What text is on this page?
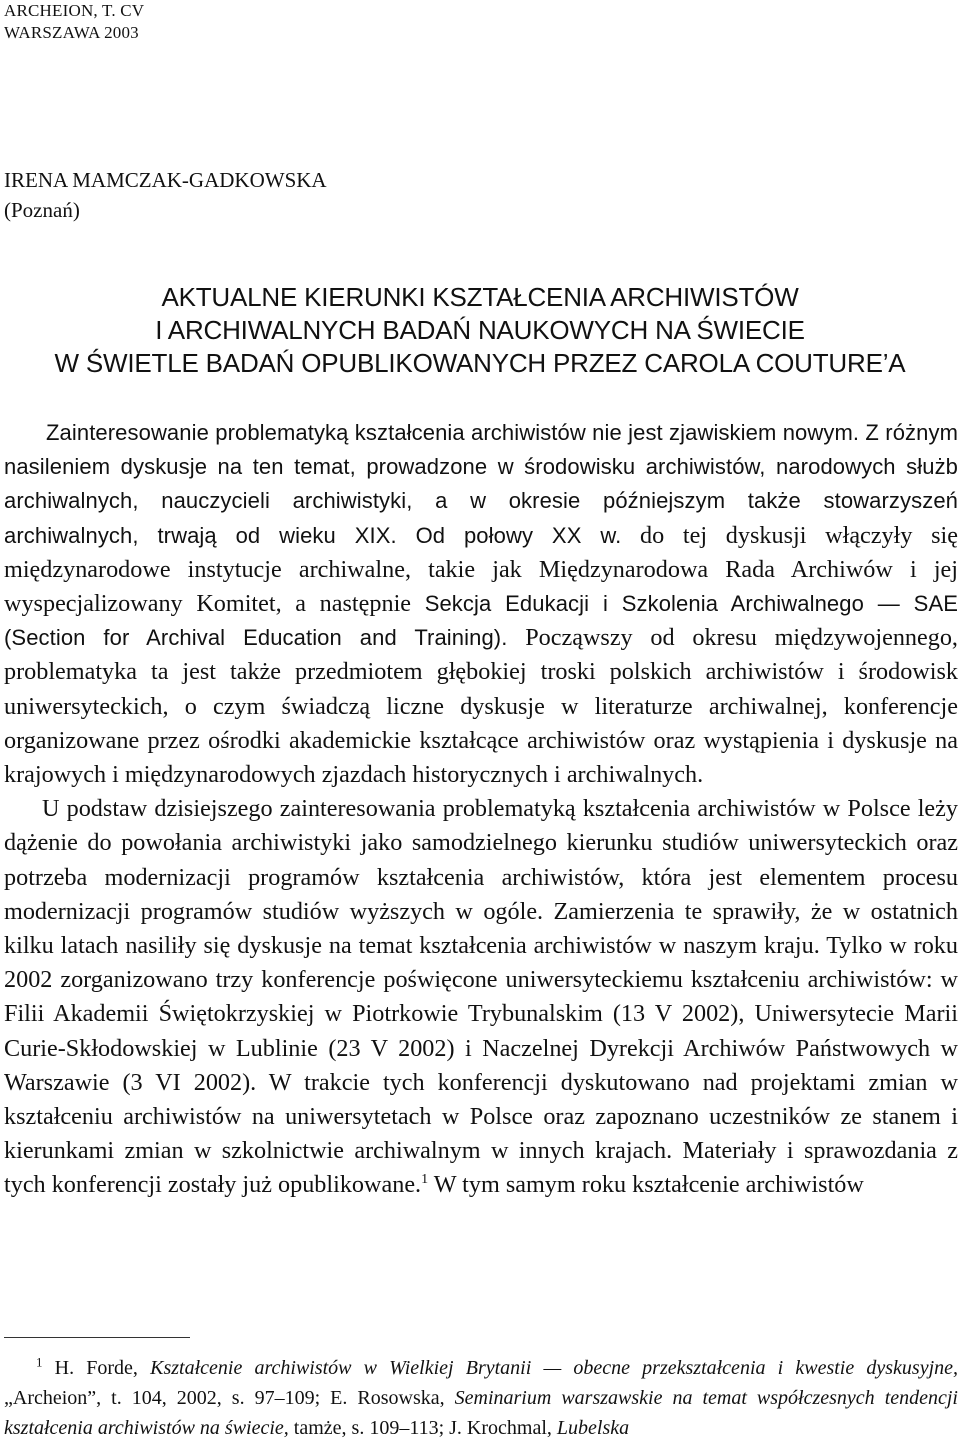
ARCHEION, T. CV
WARSZAWA 2003
IRENA MAMCZAK-GADKOWSKA
(Poznań)
AKTUALNE KIERUNKI KSZTAŁCENIA ARCHIWISTÓW
I ARCHIWALNYCH BADAŃ NAUKOWYCH NA ŚWIECIE
W ŚWIETLE BADAŃ OPUBLIKOWANYCH PRZEZ CAROLA COUTURE’A

Zainteresowanie problematyką kształcenia archiwistów nie jest zjawiskiem nowym. Z różnym nasileniem dyskusje na ten temat, prowadzone w środowisku archiwistów, narodowych służb archiwalnych, nauczycieli archiwistyki, a w okresie późniejszym także stowarzyszeń archiwalnych, trwają od wieku XIX. Od połowy XX w. do tej dyskusji włączyły się międzynarodowe instytucje archiwalne, takie jak Międzynarodowa Rada Archiwów i jej wyspecjalizowany Komitet, a następnie Sekcja Edukacji i Szkolenia Archiwalnego — SAE (Section for Archival Education and Training). Począwszy od okresu międzywojennego, problematyka ta jest także przedmiotem głębokiej troski polskich archiwistów i środowisk uniwersyteckich, o czym świadczą liczne dyskusje w literaturze archiwalnej, konferencje organizowane przez ośrodki akademickie kształcące archiwistów oraz wystąpienia i dyskusje na krajowych i międzynarodowych zjazdach historycznych i archiwalnych.

U podstaw dzisiejszego zainteresowania problematyką kształcenia archiwistów w Polsce leży dążenie do powołania archiwistyki jako samodzielnego kierunku studiów uniwersyteckich oraz potrzeba modernizacji programów kształcenia archiwistów, która jest elementem procesu modernizacji programów studiów wyższych w ogóle. Zamierzenia te sprawiły, że w ostatnich kilku latach nasiliły się dyskusje na temat kształcenia archiwistów w naszym kraju. Tylko w roku 2002 zorganizowano trzy konferencje poświęcone uniwersyteckiemu kształceniu archiwistów: w Filii Akademii Świętokrzyskiej w Piotrkowie Trybunalskim (13 V 2002), Uniwersytecie Marii Curie-Skłodowskiej w Lublinie (23 V 2002) i Naczelnej Dyrekcji Archiwów Państwowych w Warszawie (3 VI 2002). W trakcie tych konferencji dyskutowano nad projektami zmian w kształceniu archiwistów na uniwersytetach w Polsce oraz zapoznano uczestników ze stanem i kierunkami zmian w szkolnictwie archiwalnym w innych krajach. Materiały i sprawozdania z tych konferencji zostały już opublikowane.$^1$ W tym samym roku kształcenie archiwistów

$^1$ H. Forde, Kształcenie archiwistów w Wielkiej Brytanii — obecne przekształcenia i kwestie dyskusyjne, „Archeion”, t. 104, 2002, s. 97–109; E. Rosowska, Seminarium warszawskie na temat współczesnych tendencji kształcenia archiwistów na świecie, tamże, s. 109–113; J. Krochmal, Lubelska
